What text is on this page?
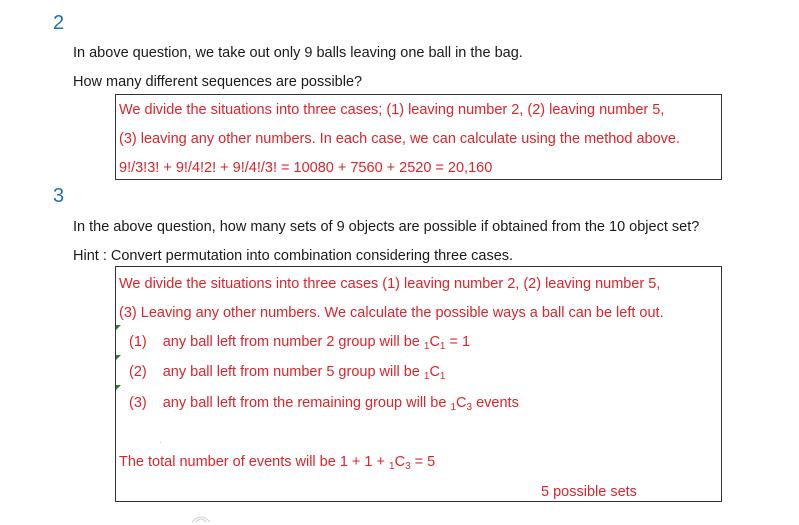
2
In above question, we take out only 9 balls leaving one ball in the bag.
How many different sequences are possible?
We divide the situations into three cases; (1) leaving number 2, (2) leaving number 5,
(3) leaving any other numbers. In each case, we can calculate using the method above.
9!/3!3! + 9!/4!2! + 9!/4!/3! = 10080 + 7560 + 2520 = 20,160
3
In the above question, how many sets of 9 objects are possible if obtained from the 10 object set?
Hint : Convert permutation into combination considering three cases.
We divide the situations into three cases (1) leaving number 2, (2) leaving number 5,
(3) Leaving any other numbers. We calculate the possible ways a ball can be left out.
(1) any ball left from number 2 group will be $_1C_1 = 1$
(2) any ball left from number 5 group will be $_1C_1$
(3) any ball left from the remaining group will be $_1C_3$ events
The total number of events will be $1 + 1 + _1C_3 = 5$
5 possible sets
